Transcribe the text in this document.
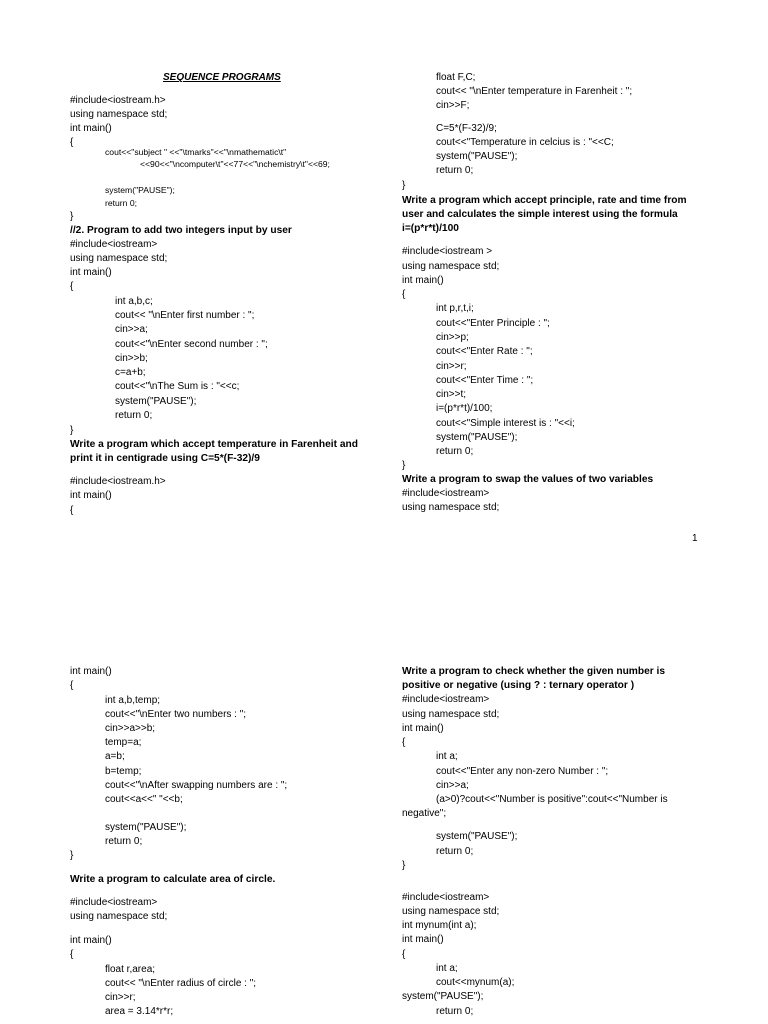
SEQUENCE PROGRAMS
#include<iostream.h>
using namespace std;
int main()
{
cout<<"subject " <<"\tmarks"<<"\nmathematic\t"
<<90<<"\ncomputer\t"<<77<<"\nchemistry\t"<<69;
system("PAUSE");
return 0;
}
//2. Program to add two integers input by user
#include<iostream>
using namespace std;
int main()
{
int a,b,c;
cout<< "\nEnter first number : ";
cin>>a;
cout<<"\nEnter second number : ";
cin>>b;
c=a+b;
cout<<"\nThe Sum is : "<<c;
system("PAUSE");
return 0;
}
Write a program which accept temperature in Farenheit and
print it in centigrade using C=5*(F-32)/9
#include<iostream.h>
int main()
{
float F,C;
cout<< "\nEnter temperature in Farenheit : ";
cin>>F;
C=5*(F-32)/9;
cout<<"Temperature in celcius is : "<<C;
system("PAUSE");
return 0;
}
Write a program which accept principle, rate and time from
user and calculates the simple interest using the formula
i=(p*r*t)/100
#include<iostream >
using namespace std;
int main()
{
int p,r,t,i;
cout<<"Enter Principle : ";
cin>>p;
cout<<"Enter Rate : ";
cin>>r;
cout<<"Enter Time : ";
cin>>t;
i=(p*r*t)/100;
cout<<"Simple interest is : "<<i;
system("PAUSE");
return 0;
}
Write a program to swap the values of two variables
#include<iostream>
using namespace std;
1
int main()
{
int a,b,temp;
cout<<"\nEnter two numbers : ";
cin>>a>>b;
temp=a;
a=b;
b=temp;
cout<<"\nAfter swapping numbers are : ";
cout<<a<<" "<<b;
system("PAUSE");
return 0;
}
Write a program to calculate area of circle.
#include<iostream>
using namespace std;
int main()
{
float r,area;
cout<< "\nEnter radius of circle : ";
cin>>r;
area = 3.14*r*r;
Write a program to check whether the given number is
positive or negative (using ? : ternary operator )
#include<iostream>
using namespace std;
int main()
{
int a;
cout<<"Enter any non-zero Number : ";
cin>>a;
(a>0)?cout<<"Number is positive":cout<<"Number is
negative";
system("PAUSE");
return 0;
}
#include<iostream>
using namespace std;
int mynum(int a);
int main()
{
int a;
cout<<mynum(a);
system("PAUSE");
return 0;
